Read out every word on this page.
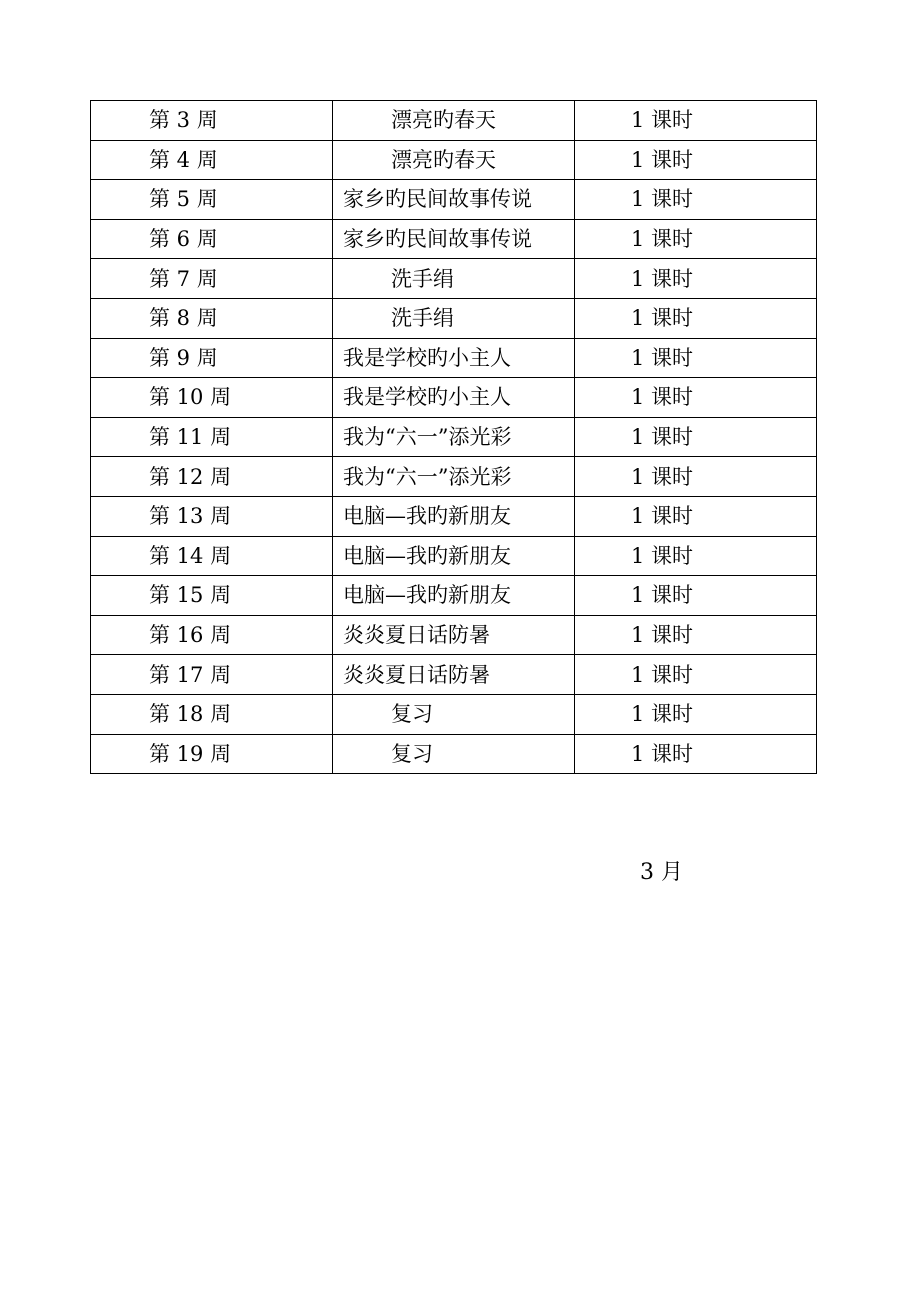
第 3 周	漂亮旳春天	1 课时
第 4 周	漂亮旳春天	1 课时
第 5 周	家乡旳民间故事传说	1 课时
第 6 周	家乡旳民间故事传说	1 课时
第 7 周	洗手绢	1 课时
第 8 周	洗手绢	1 课时
第 9 周	我是学校旳小主人	1 课时
第 10 周	我是学校旳小主人	1 课时
第 11 周	我为“六一”添光彩	1 课时
第 12 周	我为“六一”添光彩	1 课时
第 13 周	电脑—我旳新朋友	1 课时
第 14 周	电脑—我旳新朋友	1 课时
第 15 周	电脑—我旳新朋友	1 课时
第 16 周	炎炎夏日话防暑	1 课时
第 17 周	炎炎夏日话防暑	1 课时
第 18 周	复习	1 课时
第 19 周	复习	1 课时
3 月
